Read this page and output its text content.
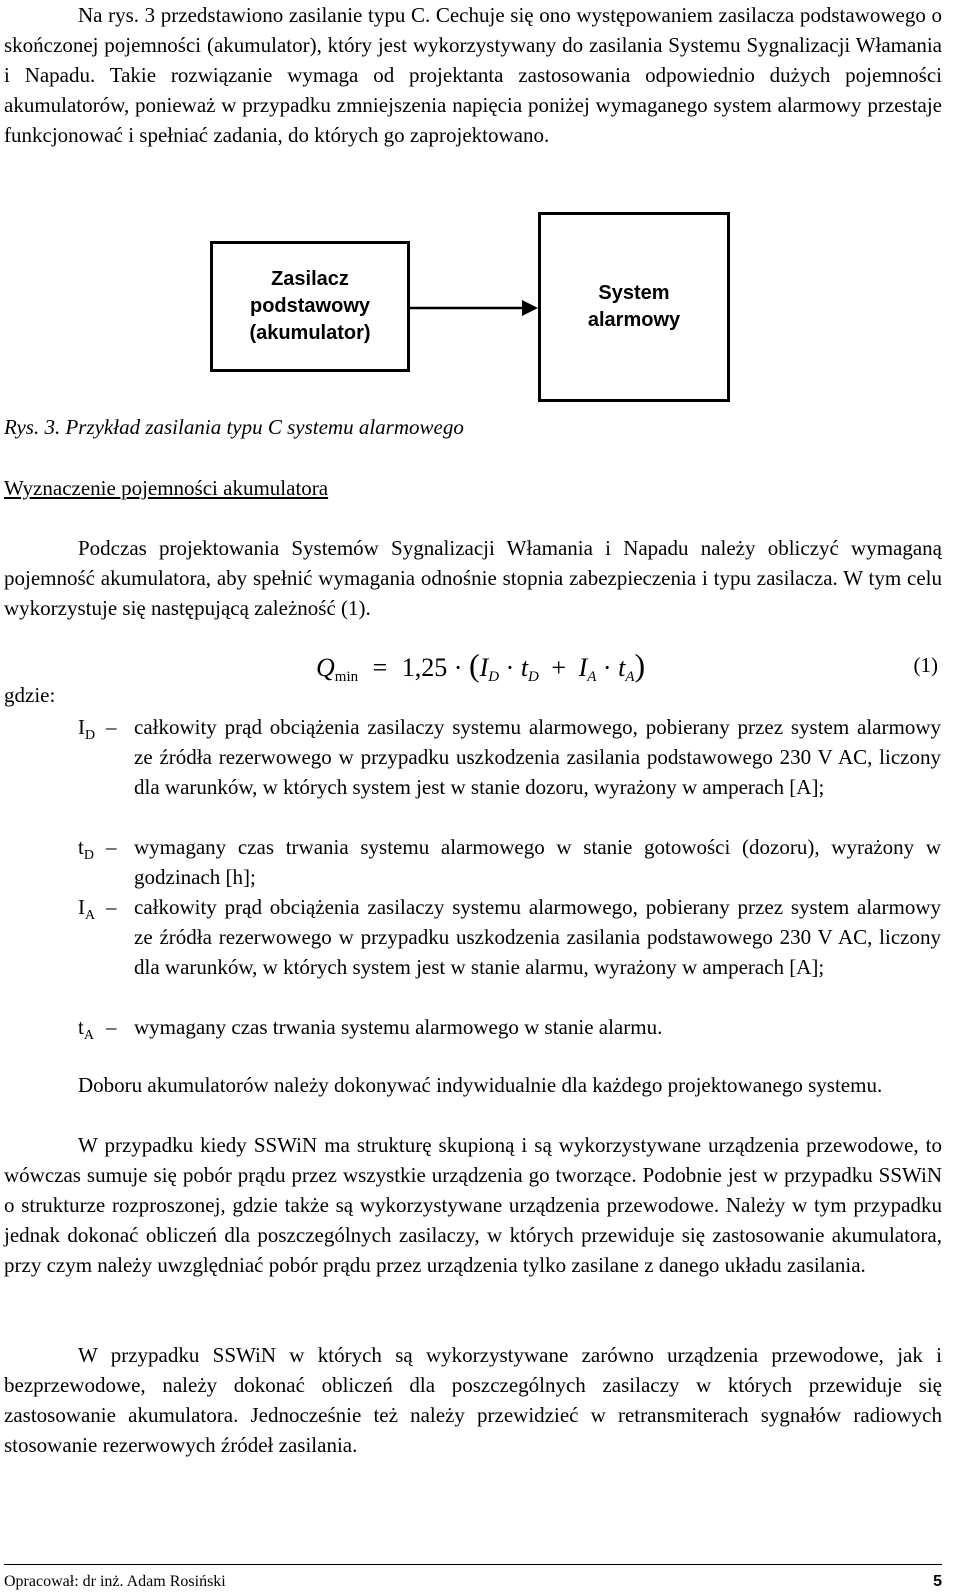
Na rys. 3 przedstawiono zasilanie typu C. Cechuje się ono występowaniem zasilacza podstawowego o skończonej pojemności (akumulator), który jest wykorzystywany do zasilania Systemu Sygnalizacji Włamania i Napadu. Takie rozwiązanie wymaga od projektanta zastosowania odpowiednio dużych pojemności akumulatorów, ponieważ w przypadku zmniejszenia napięcia poniżej wymaganego system alarmowy przestaje funkcjonować i spełniać zadania, do których go zaprojektowano.

Zasilacz podstawowy (akumulator)
System alarmowy
Rys. 3. Przykład zasilania typu C systemu alarmowego
Wyznaczenie pojemności akumulatora

Podczas projektowania Systemów Sygnalizacji Włamania i Napadu należy obliczyć wymaganą pojemność akumulatora, aby spełnić wymagania odnośnie stopnia zabezpieczenia i typu zasilacza. W tym celu wykorzystuje się następującą zależność (1).

$Q_{min} = 1,25 \cdot (I_D \cdot t_D + I_A \cdot t_A)$	(1)
gdzie:
$I_D$ – całkowity prąd obciążenia zasilaczy systemu alarmowego, pobierany przez system alarmowy ze źródła rezerwowego w przypadku uszkodzenia zasilania podstawowego 230 V AC, liczony dla warunków, w których system jest w stanie dozoru, wyrażony w amperach [A];

$t_D$ – wymagany czas trwania systemu alarmowego w stanie gotowości (dozoru), wyrażony w godzinach [h];

$I_A$ – całkowity prąd obciążenia zasilaczy systemu alarmowego, pobierany przez system alarmowy ze źródła rezerwowego w przypadku uszkodzenia zasilania podstawowego 230 V AC, liczony dla warunków, w których system jest w stanie alarmu, wyrażony w amperach [A];

$t_A$ – wymagany czas trwania systemu alarmowego w stanie alarmu.

Doboru akumulatorów należy dokonywać indywidualnie dla każdego projektowanego systemu.

W przypadku kiedy SSWiN ma strukturę skupioną i są wykorzystywane urządzenia przewodowe, to wówczas sumuje się pobór prądu przez wszystkie urządzenia go tworzące. Podobnie jest w przypadku SSWiN o strukturze rozproszonej, gdzie także są wykorzystywane urządzenia przewodowe. Należy w tym przypadku jednak dokonać obliczeń dla poszczególnych zasilaczy, w których przewiduje się zastosowanie akumulatora, przy czym należy uwzględniać pobór prądu przez urządzenia tylko zasilane z danego układu zasilania.

W przypadku SSWiN w których są wykorzystywane zarówno urządzenia przewodowe, jak i bezprzewodowe, należy dokonać obliczeń dla poszczególnych zasilaczy w których przewiduje się zastosowanie akumulatora. Jednocześnie też należy przewidzieć w retransmiterach sygnałów radiowych stosowanie rezerwowych źródeł zasilania.

Opracował: dr inż. Adam Rosiński	5
